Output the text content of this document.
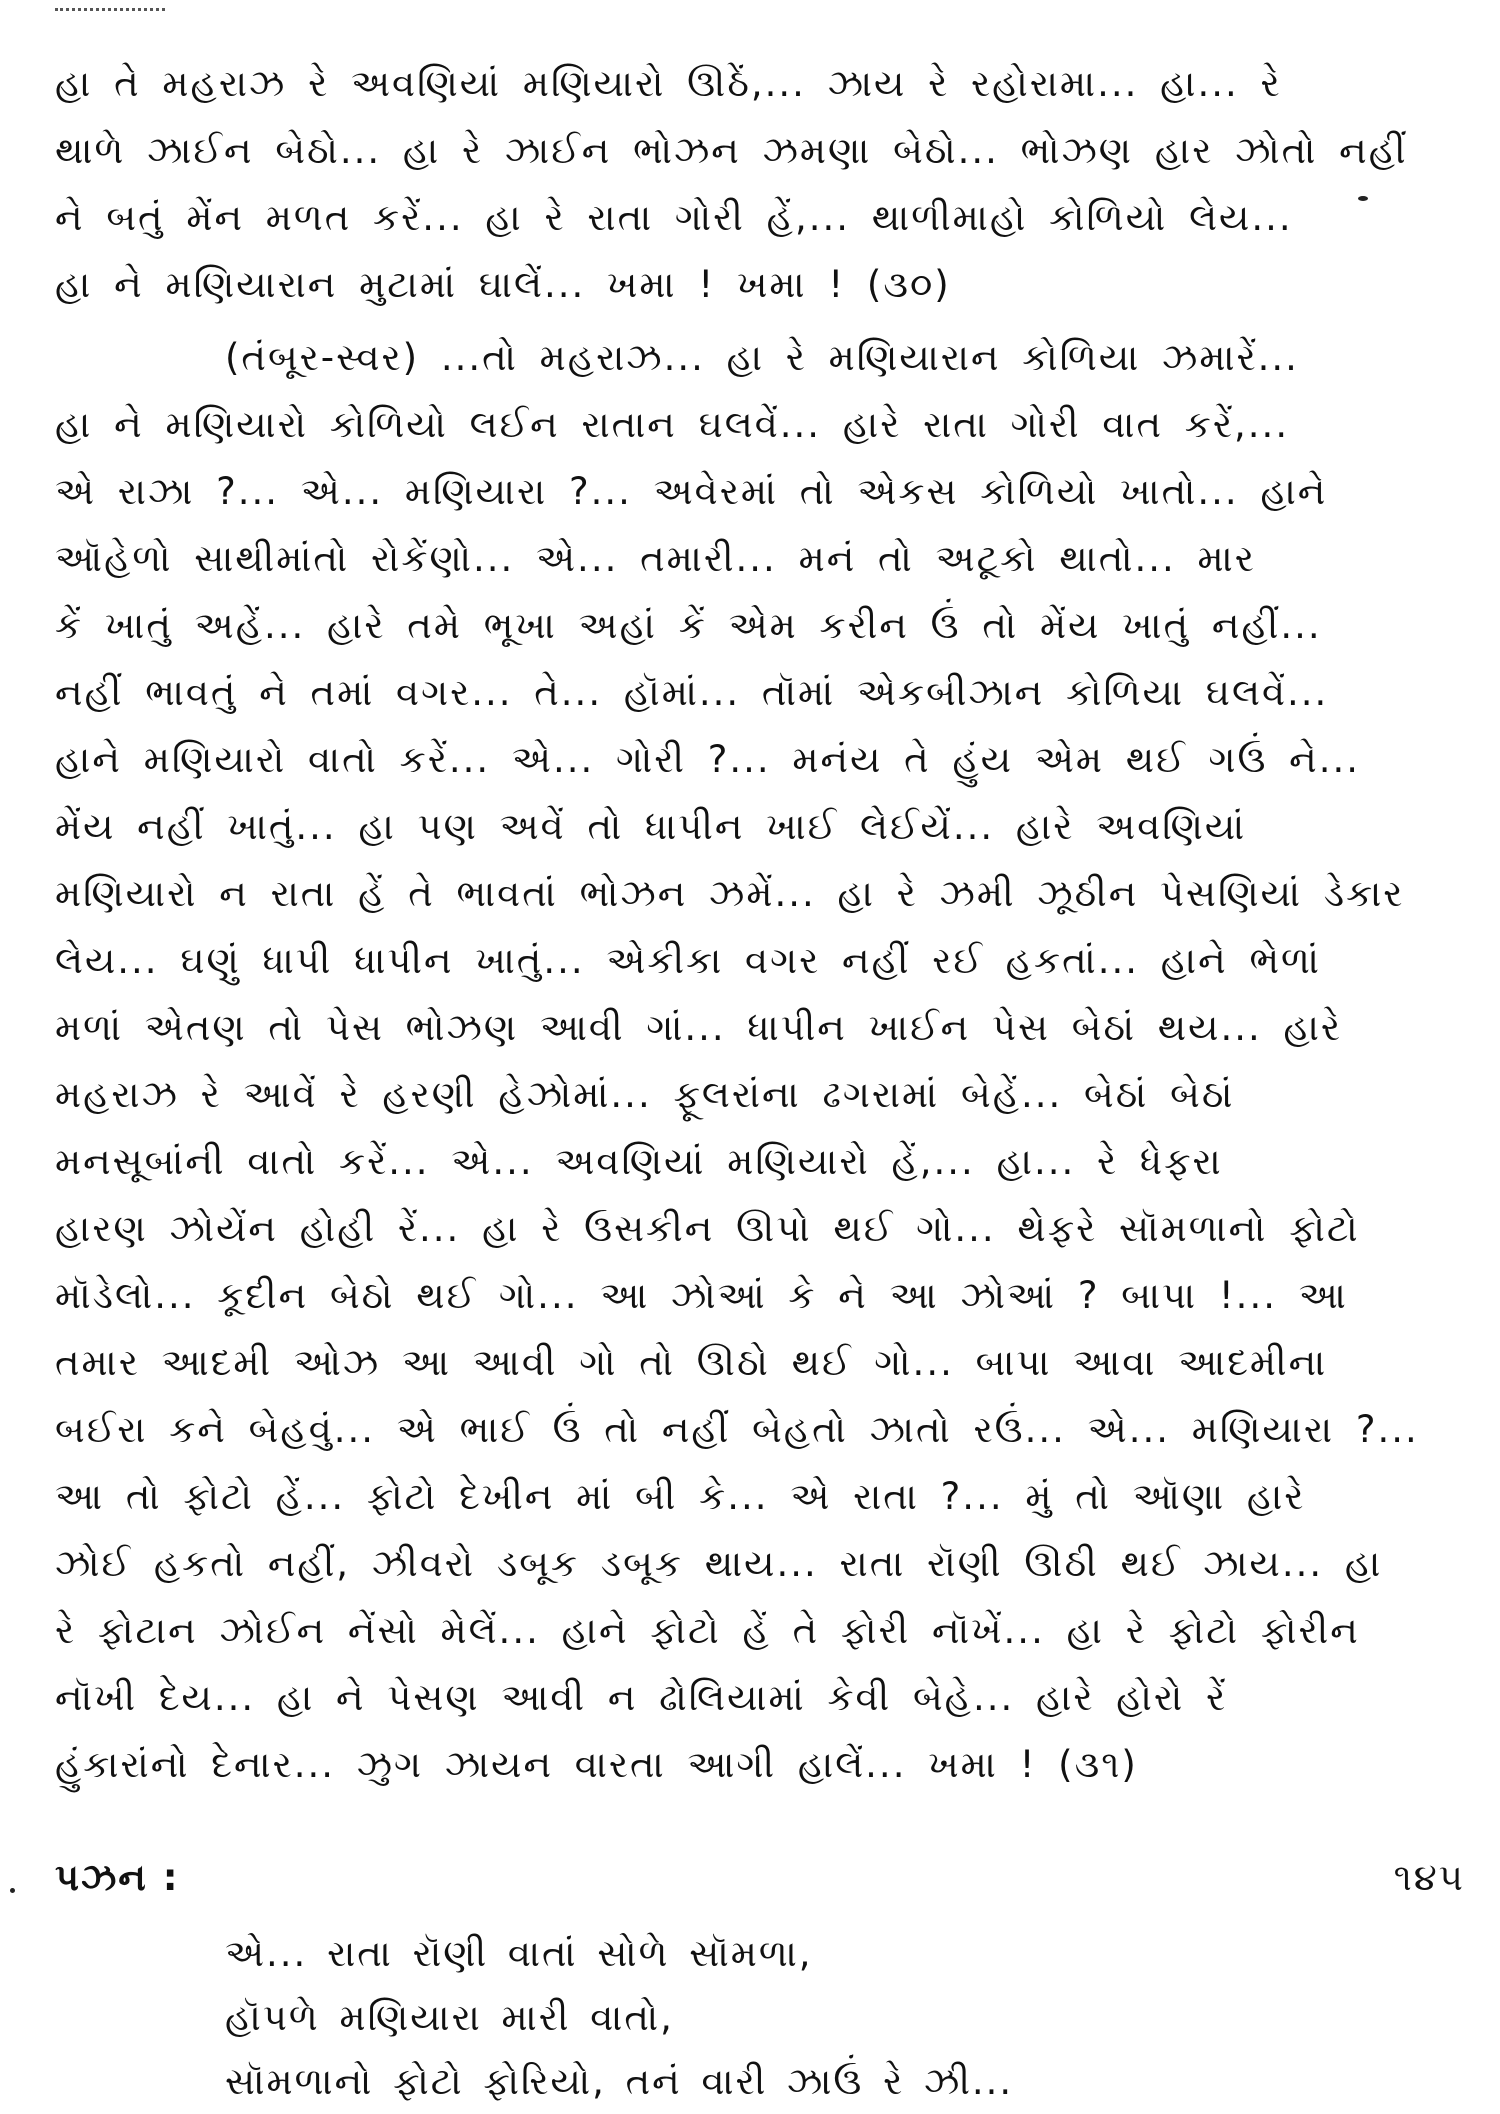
હા તે મહરાઝ રે અવણિયાં મણિયારો ઊઠેં,... ઝાય રે રહોરામા... હા... રે
થાળે ઝાઈન બેઠો... હા રે ઝાઈન ભોઝન ઝમણા બેઠો... ભોઝણ હાર ઝોતો નહીં
ને બતું મેંન મળત કરેં... હા રે રાતા ગોરી હેં,... થાળીમાહો કોળિયો લેય...
હા ને મણિયારાન મુટામાં ઘાલેં... ખમા ! ખમા ! (૩૦)

(તંબૂર-સ્વર) ...તો મહરાઝ... હા રે મણિયારાન કોળિયા ઝમારેં...
હા ને મણિયારો કોળિયો લઈન રાતાન ઘલવેં... હારે રાતા ગોરી વાત કરેં,...
એ રાઝા ?... એ... મણિયારા ?... અવેરમાં તો એકસ કોળિયો ખાતો... હાને
ઑહેળો સાથીમાંતો રોકેંણો... એ... તમારી... મનં તો અટૂકો થાતો... માર
કેં ખાતું અહેં... હારે તમે ભૂખા અહાં કેં એમ કરીન ઉં તો મેંય ખાતું નહીં...
નહીં ભાવતું ને તમાં વગર... તે... હૉમાં... તૉમાં એકબીઝાન કોળિયા ઘલવેં...
હાને મણિયારો વાતો કરેં... એ... ગોરી ?... મનંય તે હુંય એમ થઈ ગઉં ને...
મેંય નહીં ખાતું... હા પણ અવેં તો ધાપીન ખાઈ લેઈયેં... હારે અવણિયાં
મણિયારો ન રાતા હેં તે ભાવતાં ભોઝન ઝમેં... હા રે ઝમી ઝૂઠીન પેસણિયાં ડેકાર
લેય... ઘણું ધાપી ધાપીન ખાતું... એકીકા વગર નહીં રઈ હકતાં... હાને ભેળાં
મળાં એતણ તો પેસ ભોઝણ આવી ગાં... ધાપીન ખાઈન પેસ બેઠાં થય... હારે
મહરાઝ રે આવેં રે હરણી હેઝોમાં... ફૂલરાંના ઢગરામાં બેહેં... બેઠાં બેઠાં
મનસૂબાંની વાતો કરેં... એ... અવણિયાં મણિયારો હેં,... હા... રે ધેફરા
હારણ ઝોયેંન હોહી રેં... હા રે ઉસકીન ઊપો થઈ ગો... થેફરે સૉમળાનો ફોટો
મૉડેલો... કૂદીન બેઠો થઈ ગો... આ ઝોઆં કે ને આ ઝોઆં ? બાપા !... આ
તમાર આદમી ઓઝ આ આવી ગો તો ઊઠો થઈ ગો... બાપા આવા આદમીના
બઈરા કને બેહવું... એ ભાઈ ઉં તો નહીં બેહતો ઝાતો રઉં... એ... મણિયારા ?...
આ તો ફોટો હેં... ફોટો દેખીન માં બી કે... એ રાતા ?... મું તો ઑણા હારે
ઝોઈ હકતો નહીં, ઝીવરો ડબૂક ડબૂક થાય... રાતા રૉણી ઊઠી થઈ ઝાય... હા
રે ફોટાન ઝોઈન નેંસો મેલેં... હાને ફોટો હેં તે ફોરી નૉખેં... હા રે ફોટો ફોરીન
નૉખી દેય... હા ને પેસણ આવી ન ઢોલિયામાં કેવી બેહે... હારે હોરો રેં
હુંકારાંનો દેનાર... ઝુગ ઝાયન વારતા આગી હાલેં... ખમા ! (૩૧)

પઝન :
એ... રાતા રૉણી વાતાં સોળે સૉમળા,
હૉપળે મણિયારા મારી વાતો,
સૉમળાનો ફોટો ફોરિયો, તનં વારી ઝાઉં રે ઝી...
૧૪૫
